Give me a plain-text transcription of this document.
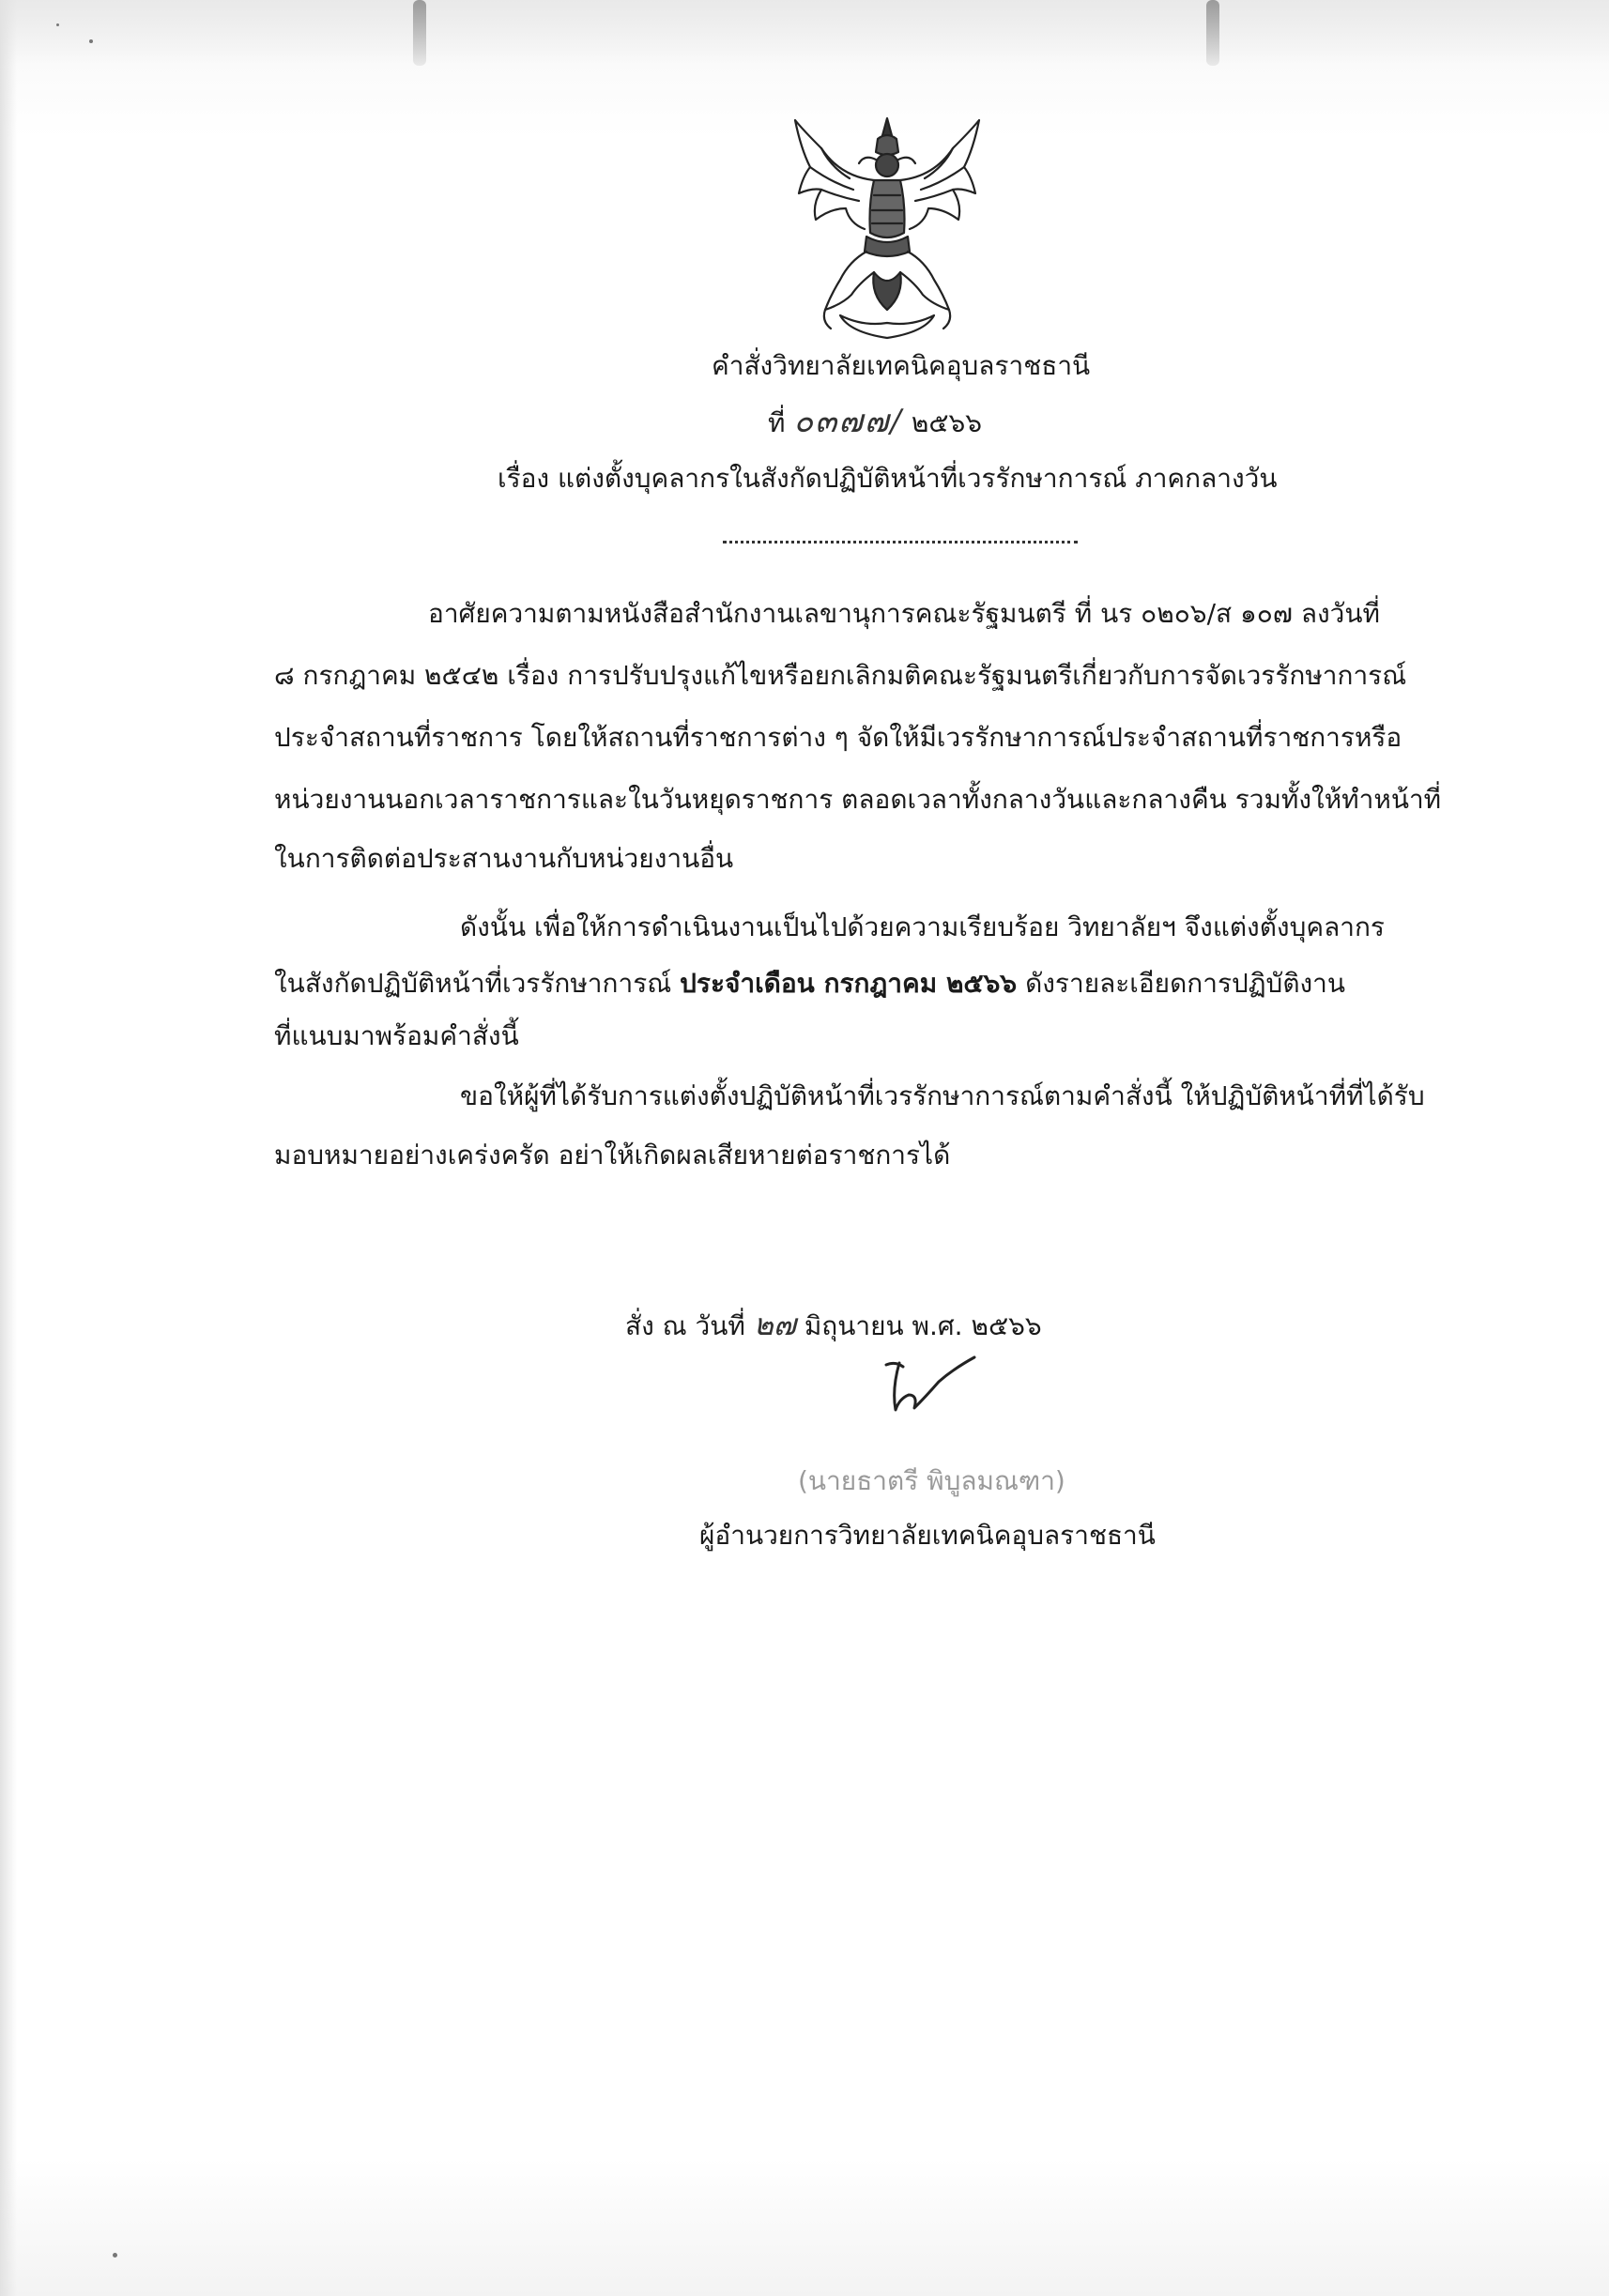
คำสั่งวิทยาลัยเทคนิคอุบลราชธานี
ที่ ๐๓๗๗/ ๒๕๖๖
เรื่อง แต่งตั้งบุคลากรในสังกัดปฏิบัติหน้าที่เวรรักษาการณ์ ภาคกลางวัน
อาศัยความตามหนังสือสำนักงานเลขานุการคณะรัฐมนตรี ที่ นร ๐๒๐๖/ส ๑๐๗ ลงวันที่
๘ กรกฎาคม ๒๕๔๒ เรื่อง การปรับปรุงแก้ไขหรือยกเลิกมติคณะรัฐมนตรีเกี่ยวกับการจัดเวรรักษาการณ์
ประจำสถานที่ราชการ โดยให้สถานที่ราชการต่าง ๆ จัดให้มีเวรรักษาการณ์ประจำสถานที่ราชการหรือ
หน่วยงานนอกเวลาราชการและในวันหยุดราชการ ตลอดเวลาทั้งกลางวันและกลางคืน รวมทั้งให้ทำหน้าที่
ในการติดต่อประสานงานกับหน่วยงานอื่น
ดังนั้น เพื่อให้การดำเนินงานเป็นไปด้วยความเรียบร้อย วิทยาลัยฯ จึงแต่งตั้งบุคลากร
ในสังกัดปฏิบัติหน้าที่เวรรักษาการณ์ ประจำเดือน กรกฎาคม ๒๕๖๖ ดังรายละเอียดการปฏิบัติงาน
ที่แนบมาพร้อมคำสั่งนี้
ขอให้ผู้ที่ได้รับการแต่งตั้งปฏิบัติหน้าที่เวรรักษาการณ์ตามคำสั่งนี้ ให้ปฏิบัติหน้าที่ที่ได้รับ
มอบหมายอย่างเคร่งครัด อย่าให้เกิดผลเสียหายต่อราชการได้
สั่ง ณ วันที่ ๒๗ มิถุนายน พ.ศ. ๒๕๖๖
(นายธาตรี พิบูลมณฑา)
ผู้อำนวยการวิทยาลัยเทคนิคอุบลราชธานี
